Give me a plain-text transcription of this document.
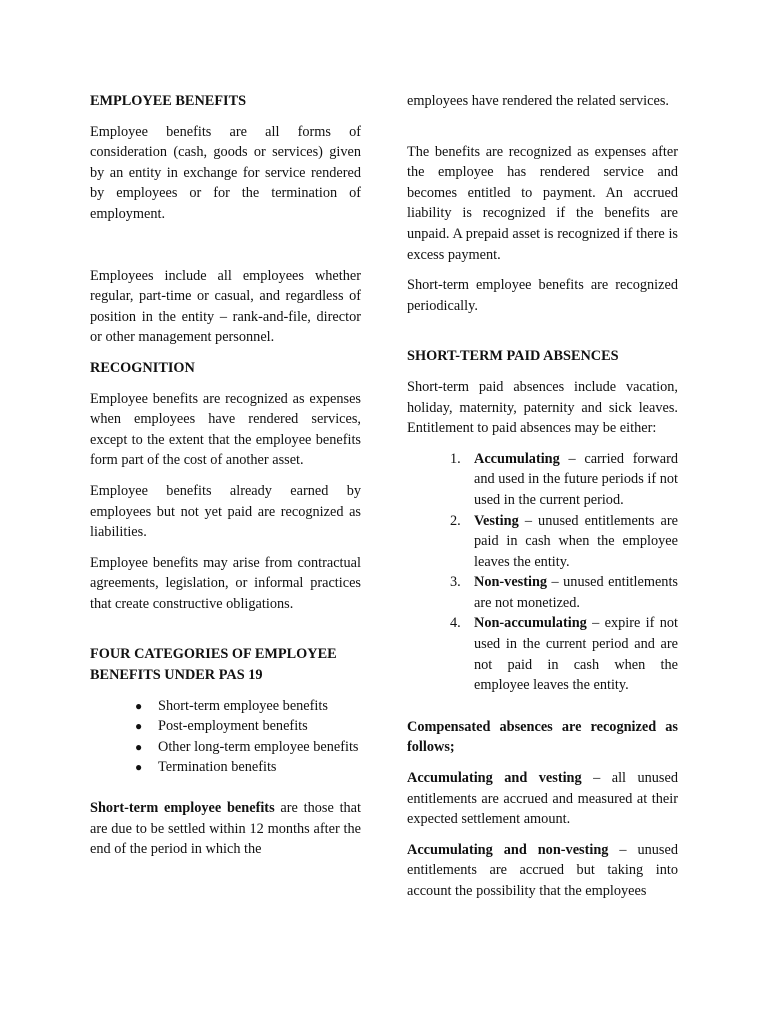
EMPLOYEE BENEFITS

Employee benefits are all forms of consideration (cash, goods or services) given by an entity in exchange for service rendered by employees or for the termination of employment.

Employees include all employees whether regular, part-time or casual, and regardless of position in the entity – rank-and-file, director or other management personnel.

RECOGNITION

Employee benefits are recognized as expenses when employees have rendered services, except to the extent that the employee benefits form part of the cost of another asset.

Employee benefits already earned by employees but not yet paid are recognized as liabilities.

Employee benefits may arise from contractual agreements, legislation, or informal practices that create constructive obligations.

FOUR CATEGORIES OF EMPLOYEE BENEFITS UNDER PAS 19
● Short-term employee benefits
● Post-employment benefits
● Other long-term employee benefits
● Termination benefits

Short-term employee benefits are those that are due to be settled within 12 months after the end of the period in which the

employees have rendered the related services.

The benefits are recognized as expenses after the employee has rendered service and becomes entitled to payment. An accrued liability is recognized if the benefits are unpaid. A prepaid asset is recognized if there is excess payment.

Short-term employee benefits are recognized periodically.

SHORT-TERM PAID ABSENCES

Short-term paid absences include vacation, holiday, maternity, paternity and sick leaves. Entitlement to paid absences may be either:

1. Accumulating – carried forward and used in the future periods if not used in the current period.
2. Vesting – unused entitlements are paid in cash when the employee leaves the entity.
3. Non-vesting – unused entitlements are not monetized.
4. Non-accumulating – expire if not used in the current period and are not paid in cash when the employee leaves the entity.

Compensated absences are recognized as follows;

Accumulating and vesting – all unused entitlements are accrued and measured at their expected settlement amount.

Accumulating and non-vesting – unused entitlements are accrued but taking into account the possibility that the employees
